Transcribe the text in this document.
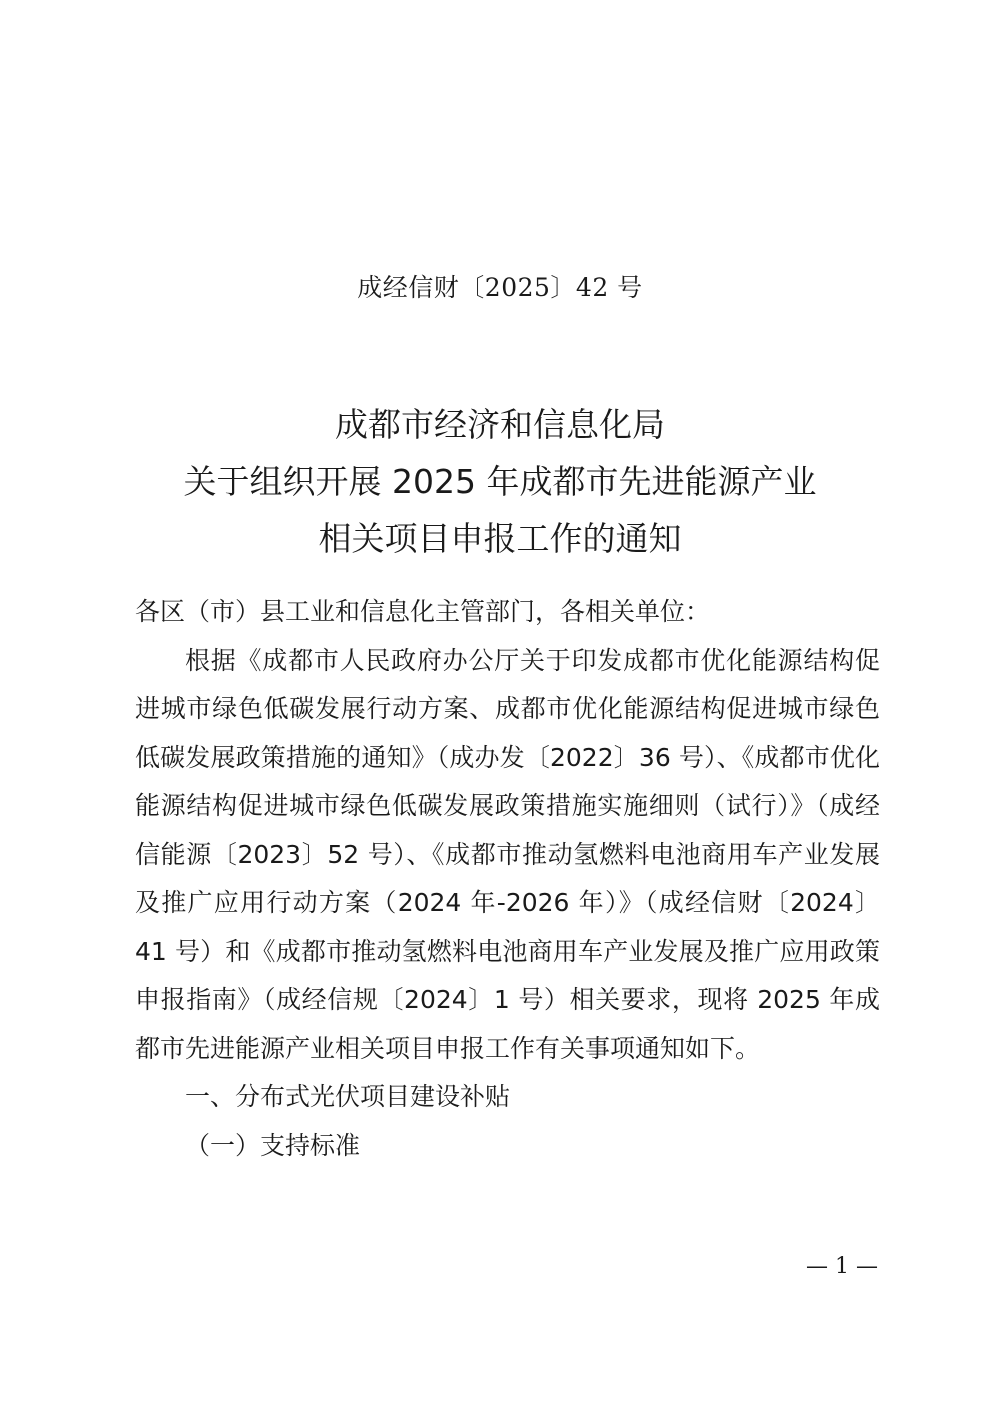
成经信财〔2025〕42 号
成都市经济和信息化局
关于组织开展 2025 年成都市先进能源产业
相关项目申报工作的通知

各区（市）县工业和信息化主管部门，各相关单位：

根据《成都市人民政府办公厅关于印发成都市优化能源结构促进城市绿色低碳发展行动方案、成都市优化能源结构促进城市绿色低碳发展政策措施的通知》（成办发〔2022〕36 号）、《成都市优化能源结构促进城市绿色低碳发展政策措施实施细则（试行）》（成经信能源〔2023〕52 号）、《成都市推动氢燃料电池商用车产业发展及推广应用行动方案（2024 年-2026 年）》（成经信财〔2024〕41 号）和《成都市推动氢燃料电池商用车产业发展及推广应用政策申报指南》（成经信规〔2024〕1 号）相关要求，现将 2025 年成都市先进能源产业相关项目申报工作有关事项通知如下。

一、分布式光伏项目建设补贴

（一）支持标准

— 1 —
